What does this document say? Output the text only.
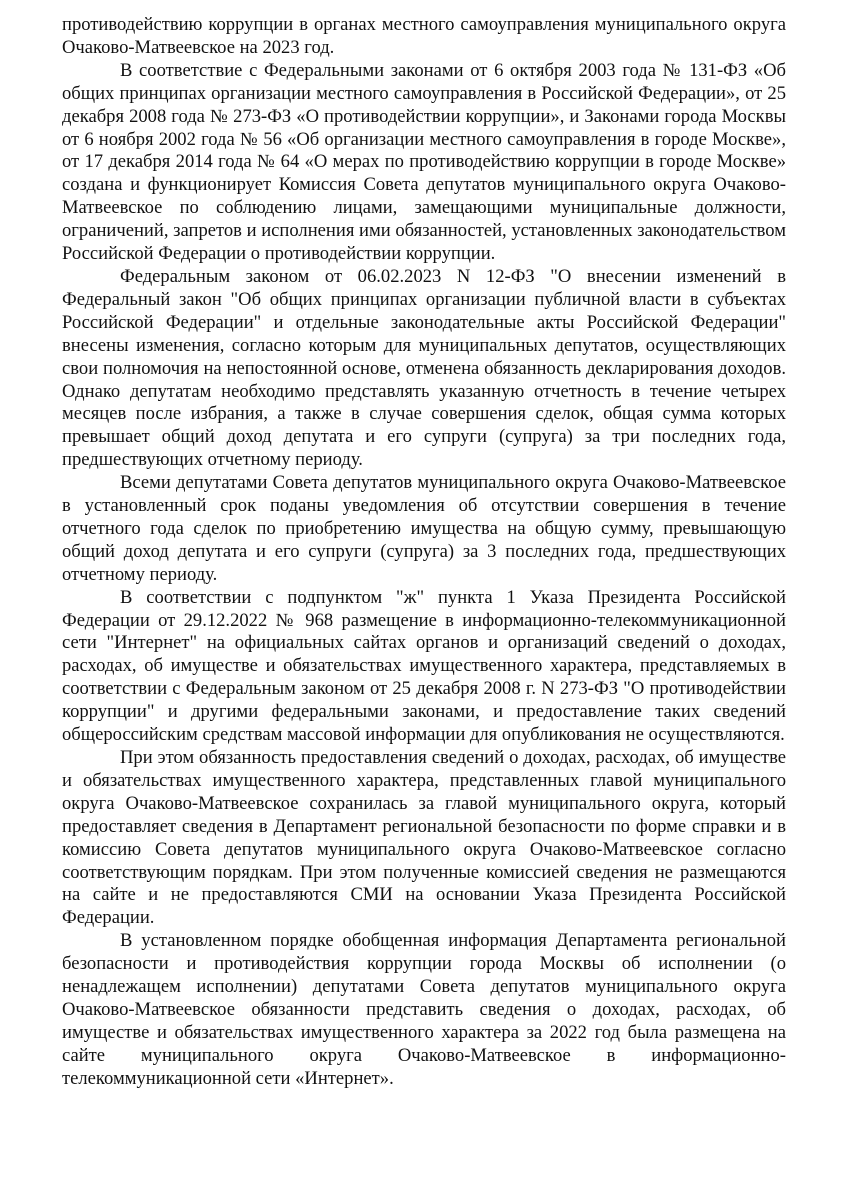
противодействию коррупции в органах местного самоуправления муниципального округа Очаково-Матвеевское на 2023 год.

В соответствие с Федеральными законами от 6 октября 2003 года № 131-ФЗ «Об общих принципах организации местного самоуправления в Российской Федерации», от 25 декабря 2008 года № 273-ФЗ «О противодействии коррупции», и Законами города Москвы от 6 ноября 2002 года № 56 «Об организации местного самоуправления в городе Москве», от 17 декабря 2014 года № 64 «О мерах по противодействию коррупции в городе Москве» создана и функционирует Комиссия Совета депутатов муниципального округа Очаково-Матвеевское по соблюдению лицами, замещающими муниципальные должности, ограничений, запретов и исполнения ими обязанностей, установленных законодательством Российской Федерации о противодействии коррупции.

Федеральным законом от 06.02.2023 N 12-ФЗ "О внесении изменений в Федеральный закон "Об общих принципах организации публичной власти в субъектах Российской Федерации" и отдельные законодательные акты Российской Федерации" внесены изменения, согласно которым для муниципальных депутатов, осуществляющих свои полномочия на непостоянной основе, отменена обязанность декларирования доходов. Однако депутатам необходимо представлять указанную отчетность в течение четырех месяцев после избрания, а также в случае совершения сделок, общая сумма которых превышает общий доход депутата и его супруги (супруга) за три последних года, предшествующих отчетному периоду.

Всеми депутатами Совета депутатов муниципального округа Очаково-Матвеевское в установленный срок поданы уведомления об отсутствии совершения в течение отчетного года сделок по приобретению имущества на общую сумму, превышающую общий доход депутата и его супруги (супруга) за 3 последних года, предшествующих отчетному периоду.

В соответствии с подпунктом "ж" пункта 1 Указа Президента Российской Федерации от 29.12.2022 № 968 размещение в информационно-телекоммуникационной сети "Интернет" на официальных сайтах органов и организаций сведений о доходах, расходах, об имуществе и обязательствах имущественного характера, представляемых в соответствии с Федеральным законом от 25 декабря 2008 г. N 273-ФЗ "О противодействии коррупции" и другими федеральными законами, и предоставление таких сведений общероссийским средствам массовой информации для опубликования не осуществляются.

При этом обязанность предоставления сведений о доходах, расходах, об имуществе и обязательствах имущественного характера, представленных главой муниципального округа Очаково-Матвеевское сохранилась за главой муниципального округа, который предоставляет сведения в Департамент региональной безопасности по форме справки и в комиссию Совета депутатов муниципального округа Очаково-Матвеевское согласно соответствующим порядкам. При этом полученные комиссией сведения не размещаются на сайте и не предоставляются СМИ на основании Указа Президента Российской Федерации.

В установленном порядке обобщенная информация Департамента региональной безопасности и противодействия коррупции города Москвы об исполнении (о ненадлежащем исполнении) депутатами Совета депутатов муниципального округа Очаково-Матвеевское обязанности представить сведения о доходах, расходах, об имуществе и обязательствах имущественного характера за 2022 год была размещена на сайте муниципального округа Очаково-Матвеевское в информационно-телекоммуникационной сети «Интернет».
